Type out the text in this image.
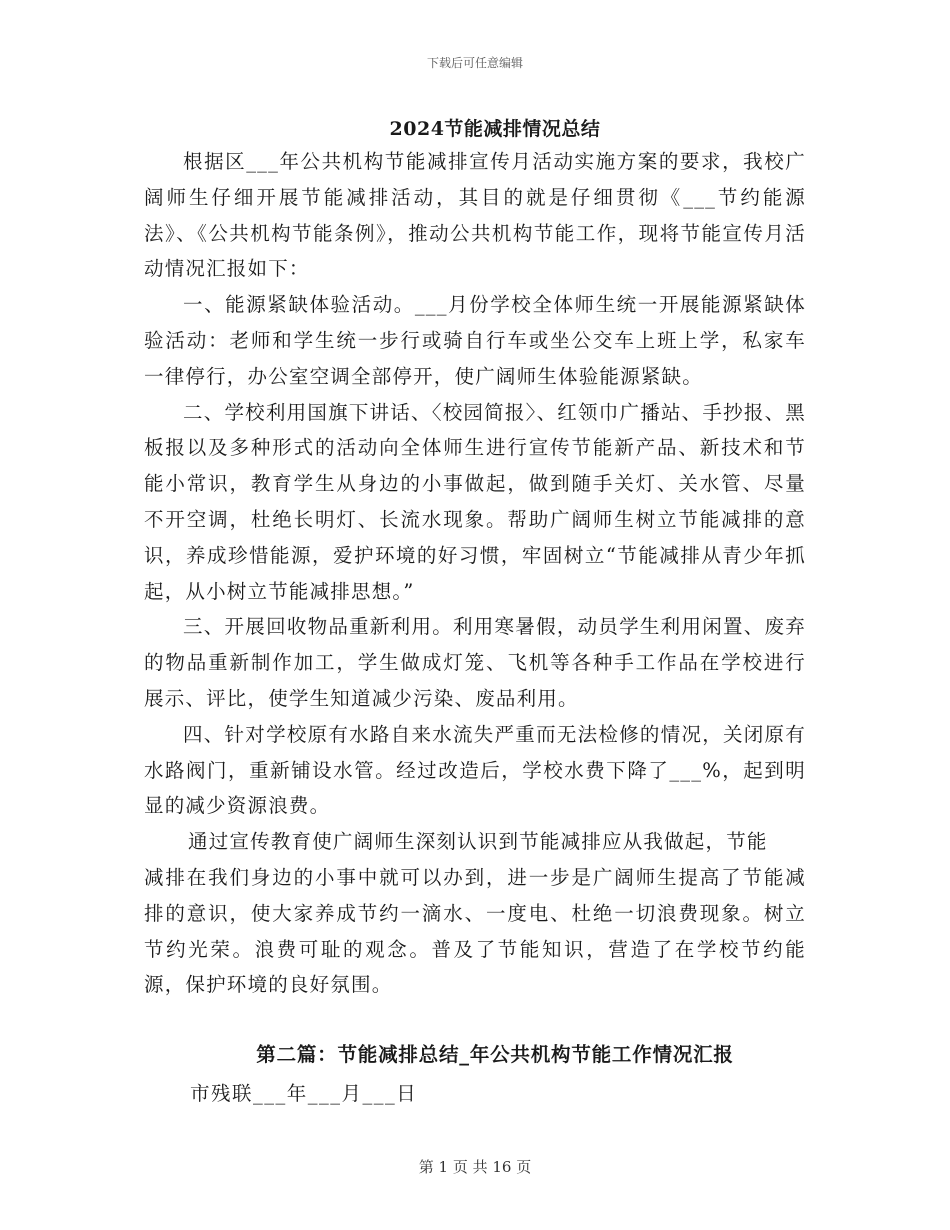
下载后可任意编辑
2024节能减排情况总结

根据区___年公共机构节能减排宣传月活动实施方案的要求，我校广阔师生仔细开展节能减排活动，其目的就是仔细贯彻《___节约能源法》、《公共机构节能条例》，推动公共机构节能工作，现将节能宣传月活动情况汇报如下：

一、能源紧缺体验活动。___月份学校全体师生统一开展能源紧缺体验活动：老师和学生统一步行或骑自行车或坐公交车上班上学，私家车一律停行，办公室空调全部停开，使广阔师生体验能源紧缺。

二、学校利用国旗下讲话、〈校园简报〉、红领巾广播站、手抄报、黑板报以及多种形式的活动向全体师生进行宣传节能新产品、新技术和节能小常识，教育学生从身边的小事做起，做到随手关灯、关水管、尽量不开空调，杜绝长明灯、长流水现象。帮助广阔师生树立节能减排的意识，养成珍惜能源，爱护环境的好习惯，牢固树立“节能减排从青少年抓起，从小树立节能减排思想。”

三、开展回收物品重新利用。利用寒暑假，动员学生利用闲置、废弃的物品重新制作加工，学生做成灯笼、飞机等各种手工作品在学校进行展示、评比，使学生知道减少污染、废品利用。

四、针对学校原有水路自来水流失严重而无法检修的情况，关闭原有水路阀门，重新铺设水管。经过改造后，学校水费下降了___%，起到明显的减少资源浪费。

通过宣传教育使广阔师生深刻认识到节能减排应从我做起，节能
减排在我们身边的小事中就可以办到，进一步是广阔师生提高了节能减排的意识，使大家养成节约一滴水、一度电、杜绝一切浪费现象。树立节约光荣。浪费可耻的观念。普及了节能知识，营造了在学校节约能源，保护环境的良好氛围。

第二篇：节能减排总结_年公共机构节能工作情况汇报
市残联___年___月___日
第 1 页 共 16 页
